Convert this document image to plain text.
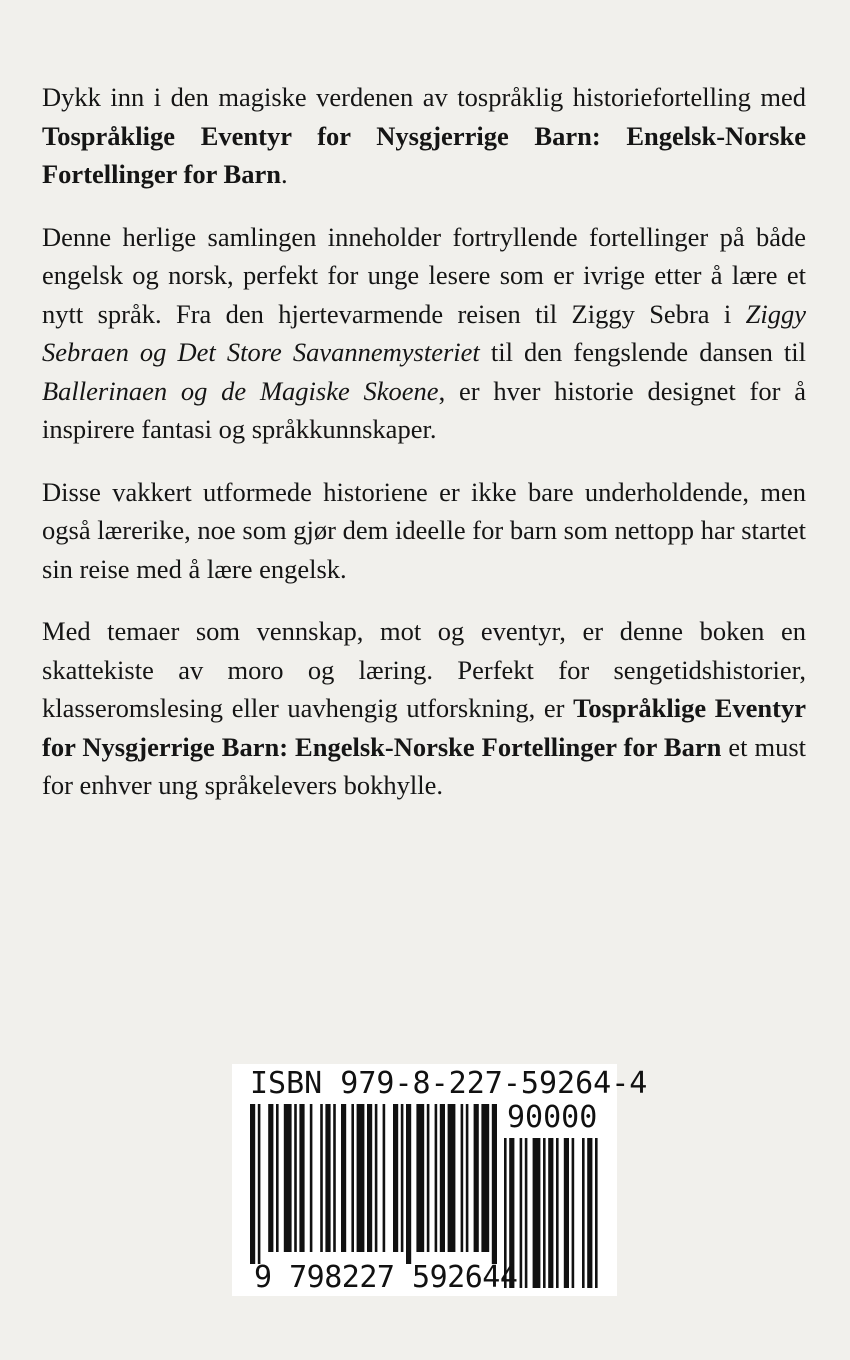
Dykk inn i den magiske verdenen av tospråklig historiefortelling med Tospråklige Eventyr for Nysgjerrige Barn: Engelsk-Norske Fortellinger for Barn.

Denne herlige samlingen inneholder fortryllende fortellinger på både engelsk og norsk, perfekt for unge lesere som er ivrige etter å lære et nytt språk. Fra den hjertevarmende reisen til Ziggy Sebra i Ziggy Sebraen og Det Store Savannemysteriet til den fengslende dansen til Ballerinaen og de Magiske Skoene, er hver historie designet for å inspirere fantasi og språkkunnskaper.

Disse vakkert utformede historiene er ikke bare underholdende, men også lærerike, noe som gjør dem ideelle for barn som nettopp har startet sin reise med å lære engelsk.

Med temaer som vennskap, mot og eventyr, er denne boken en skattekiste av moro og læring. Perfekt for sengetidshistorier, klasseromslesing eller uavhengig utforskning, er Tospråklige Eventyr for Nysgjerrige Barn: Engelsk-Norske Fortellinger for Barn et must for enhver ung språkelevers bokhylle.

ISBN 979-8-227-59264-4
90000
9 798227 592644
